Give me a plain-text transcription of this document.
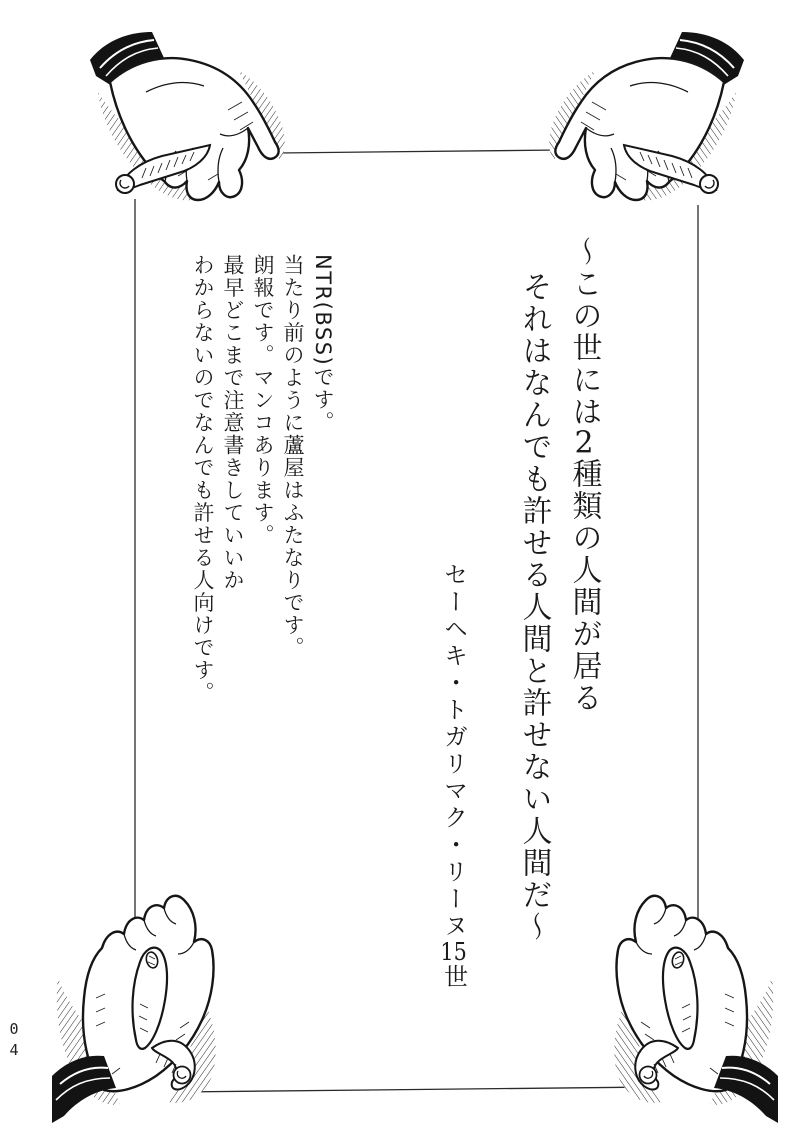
〜この世には2種類の人間が居る
それはなんでも許せる人間と許せない人間だ〜
セーヘキ・トガリマク・リーヌ15世
NTR(BSS)です。
当たり前のように蘆屋はふたなりです。
朗報です。マンコあります。
最早どこまで注意書きしていいか
わからないのでなんでも許せる人向けです。
04
